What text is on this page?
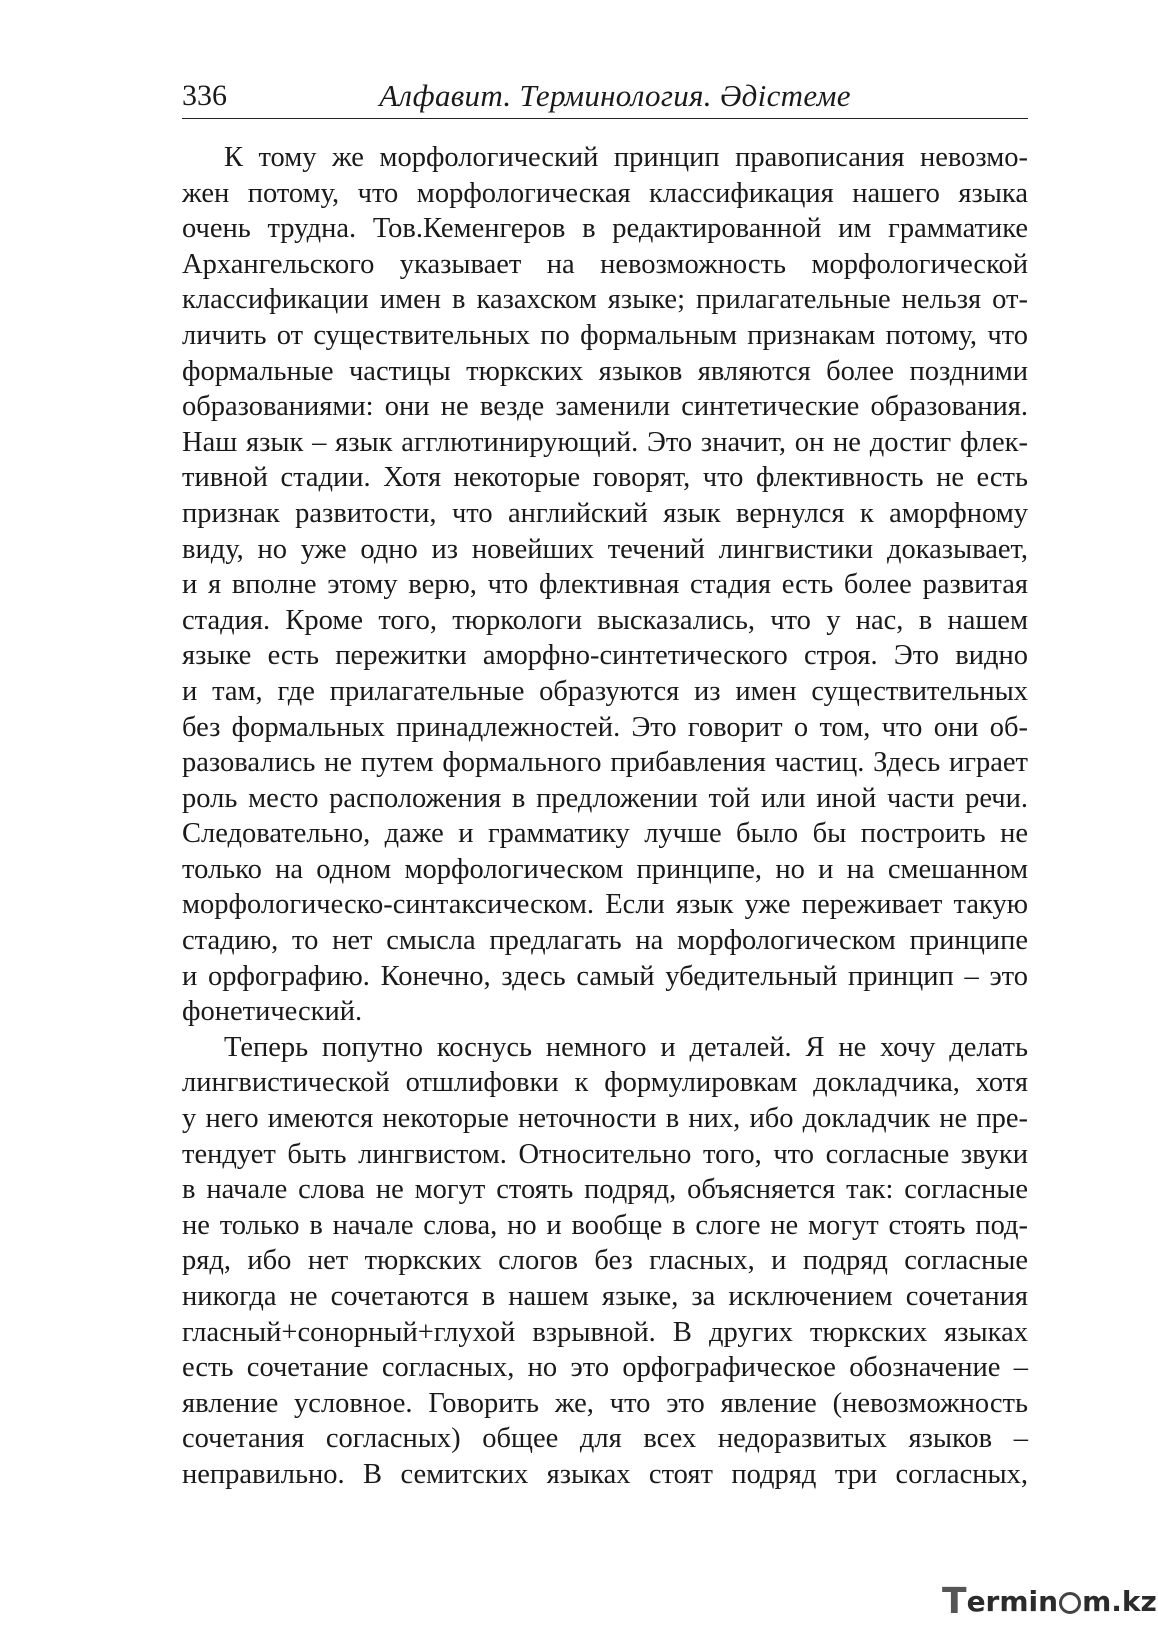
336	Алфавит. Терминология. Әдістеме
К тому же морфологический принцип правописания невозмо-
жен потому, что морфологическая классификация нашего языка
очень трудна. Тов.Кеменгеров в редактированной им грамматике
Архангельского указывает на невозможность морфологической
классификации имен в казахском языке; прилагательные нельзя от-
личить от существительных по формальным признакам потому, что
формальные частицы тюркских языков являются более поздними
образованиями: они не везде заменили синтетические образования.
Наш язык – язык агглютинирующий. Это значит, он не достиг флек-
тивной стадии. Хотя некоторые говорят, что флективность не есть
признак развитости, что английский язык вернулся к аморфному
виду, но уже одно из новейших течений лингвистики доказывает,
и я вполне этому верю, что флективная стадия есть более развитая
стадия. Кроме того, тюркологи высказались, что у нас, в нашем
языке есть пережитки аморфно-синтетического строя. Это видно
и там, где прилагательные образуются из имен существительных
без формальных принадлежностей. Это говорит о том, что они об-
разовались не путем формального прибавления частиц. Здесь играет
роль место расположения в предложении той или иной части речи.
Следовательно, даже и грамматику лучше было бы построить не
только на одном морфологическом принципе, но и на смешанном
морфологическо-синтаксическом. Если язык уже переживает такую
стадию, то нет смысла предлагать на морфологическом принципе
и орфографию. Конечно, здесь самый убедительный принцип – это
фонетический.
Теперь попутно коснусь немного и деталей. Я не хочу делать
лингвистической отшлифовки к формулировкам докладчика, хотя
у него имеются некоторые неточности в них, ибо докладчик не пре-
тендует быть лингвистом. Относительно того, что согласные звуки
в начале слова не могут стоять подряд, объясняется так: согласные
не только в начале слова, но и вообще в слоге не могут стоять под-
ряд, ибо нет тюркских слогов без гласных, и подряд согласные
никогда не сочетаются в нашем языке, за исключением сочетания
гласный+сонорный+глухой взрывной. В других тюркских языках
есть сочетание согласных, но это орфографическое обозначение –
явление условное. Говорить же, что это явление (невозможность
сочетания согласных) общее для всех недоразвитых языков –
неправильно. В семитских языках стоят подряд три согласных,
Termin m.kz
